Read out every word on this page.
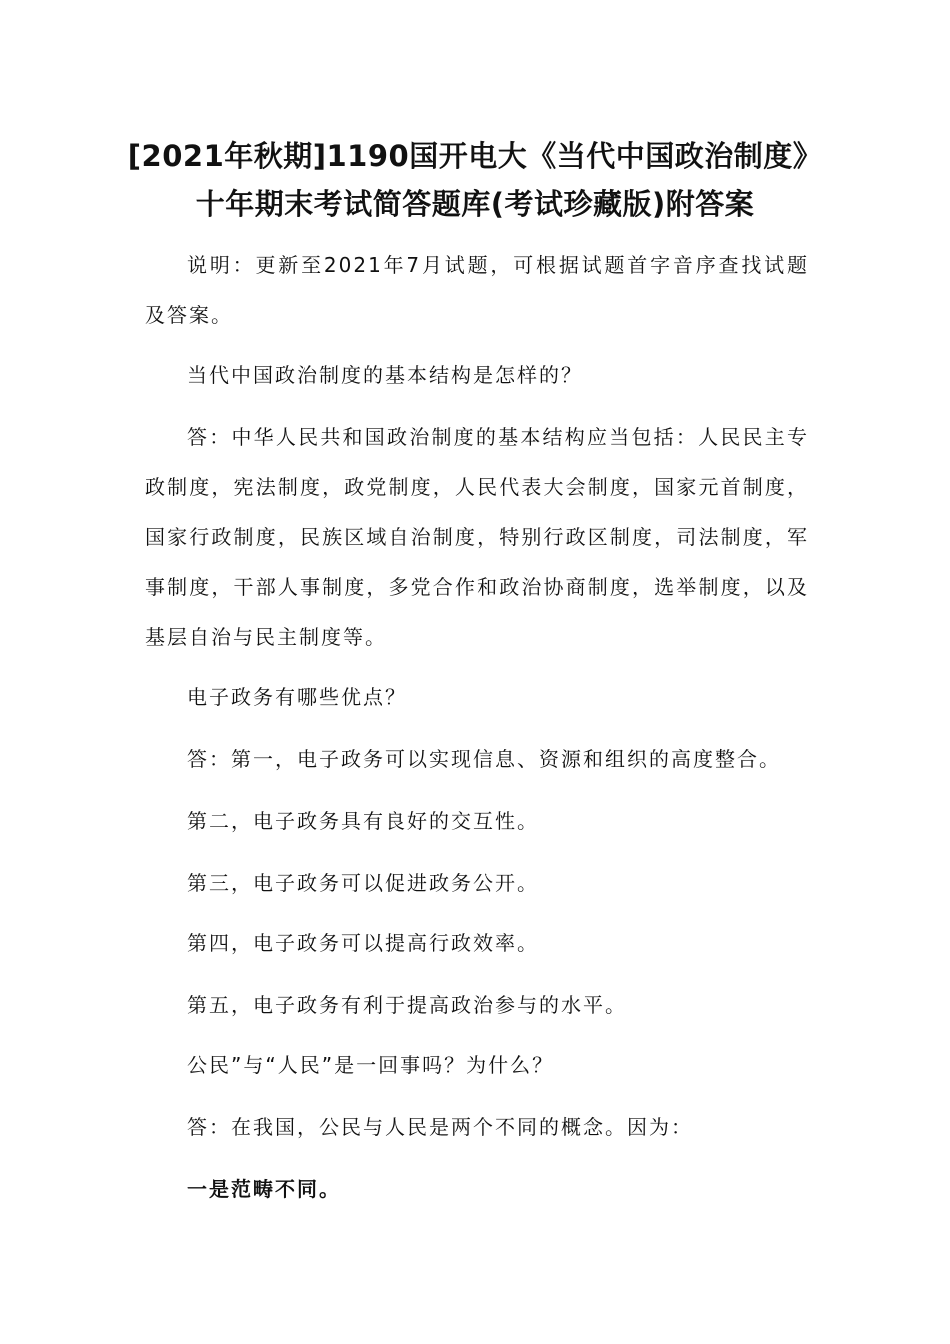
[2021年秋期]1190国开电大《当代中国政治制度》
十年期末考试简答题库(考试珍藏版)附答案
说明：更新至2021年7月试题，可根据试题首字音序查找试题及答案。
当代中国政治制度的基本结构是怎样的？
答：中华人民共和国政治制度的基本结构应当包括：人民民主专政制度，宪法制度，政党制度，人民代表大会制度，国家元首制度，国家行政制度，民族区域自治制度，特别行政区制度，司法制度，军事制度，干部人事制度，多党合作和政治协商制度，选举制度，以及基层自治与民主制度等。
电子政务有哪些优点？
答：第一，电子政务可以实现信息、资源和组织的高度整合。
第二，电子政务具有良好的交互性。
第三，电子政务可以促进政务公开。
第四，电子政务可以提高行政效率。
第五，电子政务有利于提高政治参与的水平。
公民”与“人民”是一回事吗？为什么？
答：在我国，公民与人民是两个不同的概念。因为：
一是范畴不同。
